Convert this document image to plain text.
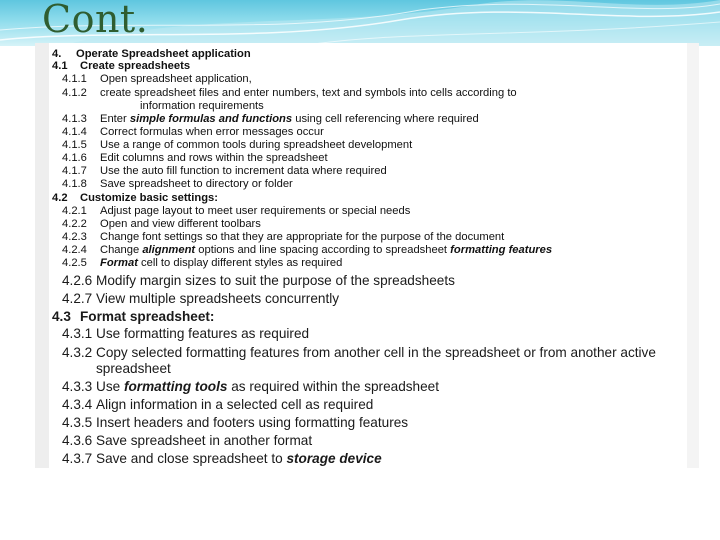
Cont.
4. Operate Spreadsheet application
4.1 Create spreadsheets
4.1.1 Open spreadsheet application,
4.1.2 create spreadsheet files and enter numbers, text and symbols into cells according to
information requirements
4.1.3 Enter simple formulas and functions using cell referencing where required
4.1.4 Correct formulas when error messages occur
4.1.5 Use a range of common tools during spreadsheet development
4.1.6 Edit columns and rows within the spreadsheet
4.1.7 Use the auto fill function to increment data where required
4.1.8 Save spreadsheet to directory or folder
4.2 Customize basic settings:
4.2.1 Adjust page layout to meet user requirements or special needs
4.2.2 Open and view different toolbars
4.2.3 Change font settings so that they are appropriate for the purpose of the document
4.2.4 Change alignment options and line spacing according to spreadsheet formatting features
4.2.5 Format cell to display different styles as required
4.2.6 Modify margin sizes to suit the purpose of the spreadsheets
4.2.7 View multiple spreadsheets concurrently
4.3 Format spreadsheet:
4.3.1 Use formatting features as required
4.3.2 Copy selected formatting features from another cell in the spreadsheet or from another active
spreadsheet
4.3.3 Use formatting tools as required within the spreadsheet
4.3.4 Align information in a selected cell as required
4.3.5 Insert headers and footers using formatting features
4.3.6 Save spreadsheet in another format
4.3.7 Save and close spreadsheet to storage device
